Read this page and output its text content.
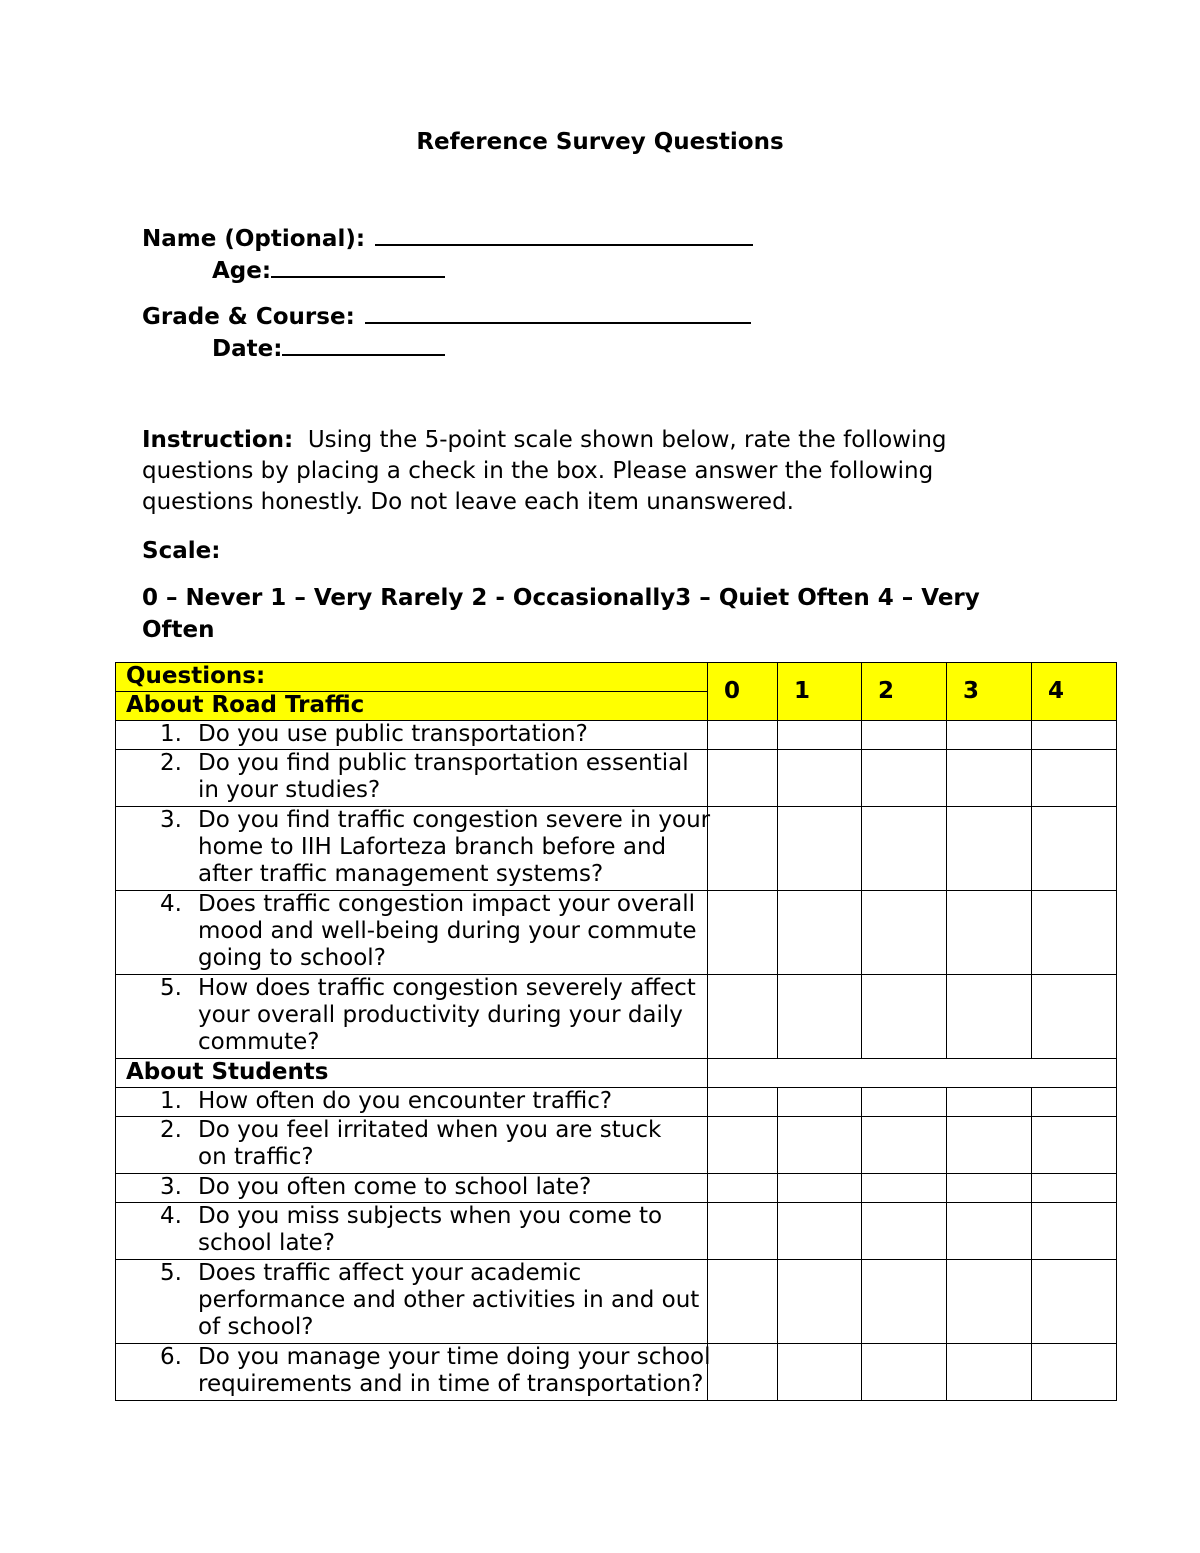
Reference Survey Questions
Name (Optional):
Age:
Grade & Course:
Date:
Instruction: Using the 5-point scale shown below, rate the following questions by placing a check in the box. Please answer the following questions honestly. Do not leave each item unanswered.
Scale:
0 – Never 1 – Very Rarely 2 - Occasionally3 – Quiet Often 4 – Very Often
Questions:	0	1	2	3	4
About Road Traffic					

1. Do you use public transportation?					

2. Do you find public transportation essential
in your studies?					

3. Do you find traffic congestion severe in your
home to IIH Laforteza branch before and
after traffic management systems?					

4. Does traffic congestion impact your overall
mood and well-being during your commute
going to school?					

5. How does traffic congestion severely affect
your overall productivity during your daily
commute?					

About Students					

1. How often do you encounter traffic?					

2. Do you feel irritated when you are stuck
on traffic?					

3. Do you often come to school late?					

4. Do you miss subjects when you come to
school late?					

5. Does traffic affect your academic
performance and other activities in and out
of school?					

6. Do you manage your time doing your school
requirements and in time of transportation?					
